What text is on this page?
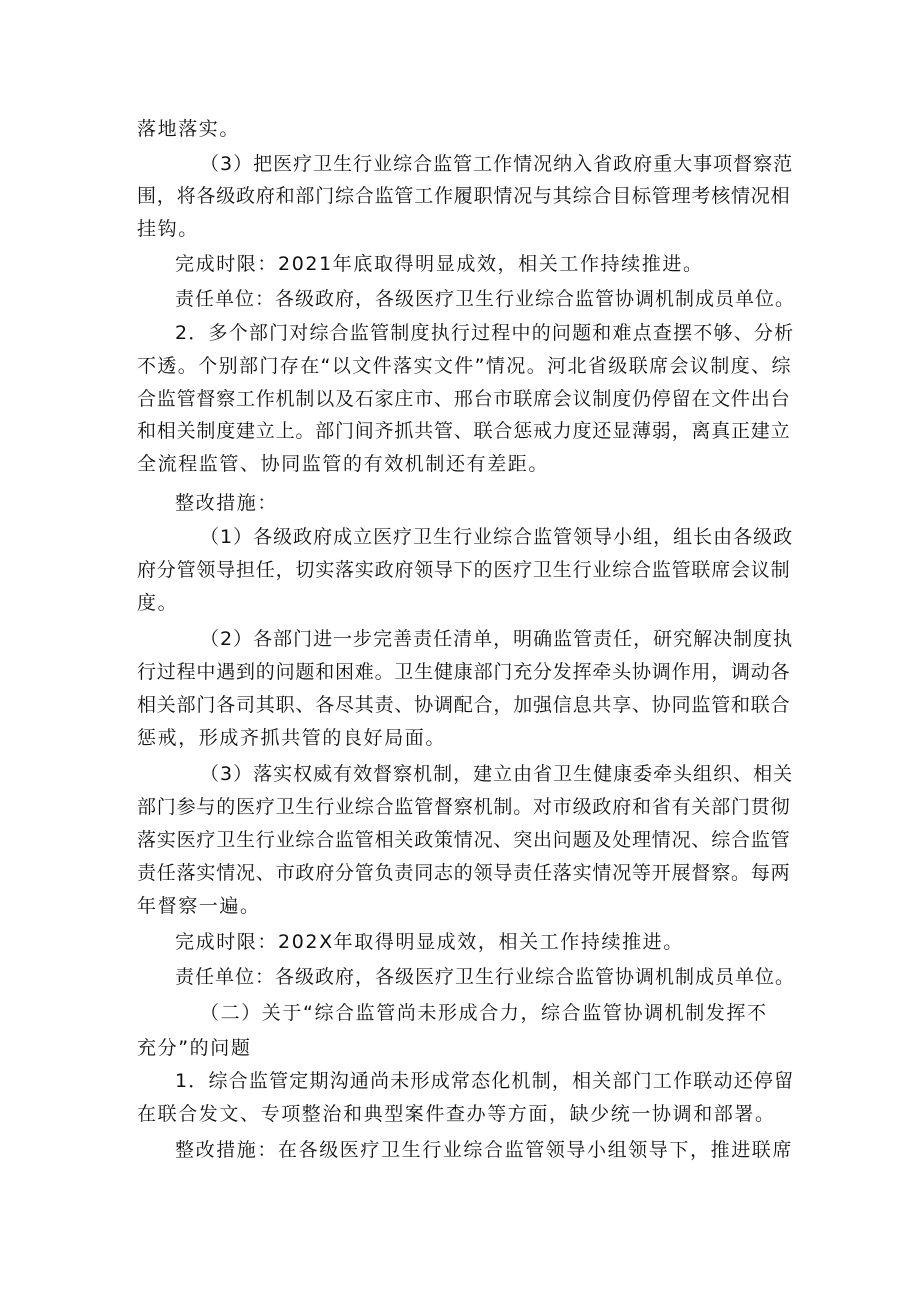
落地落实。
（3）把医疗卫生行业综合监管工作情况纳入省政府重大事项督察范
围，将各级政府和部门综合监管工作履职情况与其综合目标管理考核情况相
挂钩。
完成时限：2021年底取得明显成效，相关工作持续推进。
责任单位：各级政府，各级医疗卫生行业综合监管协调机制成员单位。
2．多个部门对综合监管制度执行过程中的问题和难点查摆不够、分析
不透。个别部门存在“以文件落实文件”情况。河北省级联席会议制度、综
合监管督察工作机制以及石家庄市、邢台市联席会议制度仍停留在文件出台
和相关制度建立上。部门间齐抓共管、联合惩戒力度还显薄弱，离真正建立
全流程监管、协同监管的有效机制还有差距。
整改措施：
（1）各级政府成立医疗卫生行业综合监管领导小组，组长由各级政
府分管领导担任，切实落实政府领导下的医疗卫生行业综合监管联席会议制
度。
（2）各部门进一步完善责任清单，明确监管责任，研究解决制度执
行过程中遇到的问题和困难。卫生健康部门充分发挥牵头协调作用，调动各
相关部门各司其职、各尽其责、协调配合，加强信息共享、协同监管和联合
惩戒，形成齐抓共管的良好局面。
（3）落实权威有效督察机制，建立由省卫生健康委牵头组织、相关
部门参与的医疗卫生行业综合监管督察机制。对市级政府和省有关部门贯彻
落实医疗卫生行业综合监管相关政策情况、突出问题及处理情况、综合监管
责任落实情况、市政府分管负责同志的领导责任落实情况等开展督察。每两
年督察一遍。
完成时限：202X年取得明显成效，相关工作持续推进。
责任单位：各级政府，各级医疗卫生行业综合监管协调机制成员单位。
（二）关于“综合监管尚未形成合力，综合监管协调机制发挥不
充分”的问题
1．综合监管定期沟通尚未形成常态化机制，相关部门工作联动还停留
在联合发文、专项整治和典型案件查办等方面，缺少统一协调和部署。
整改措施：在各级医疗卫生行业综合监管领导小组领导下，推进联席
